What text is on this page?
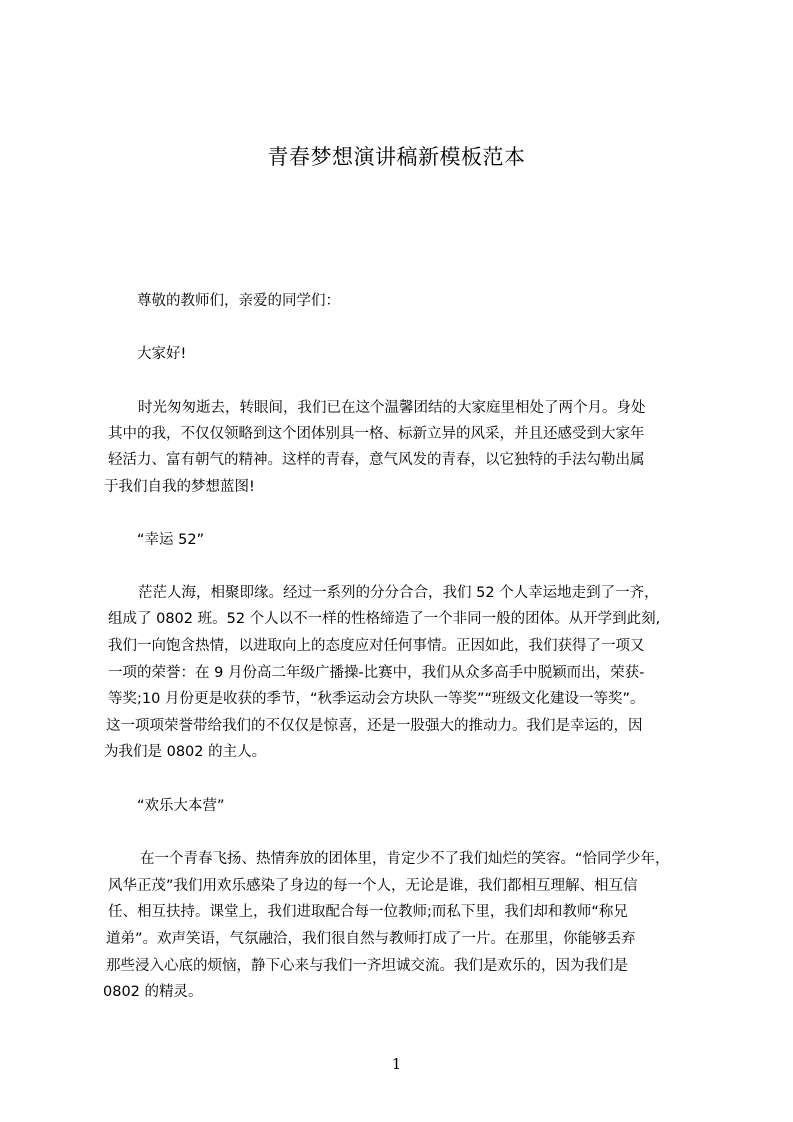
青春梦想演讲稿新模板范本
尊敬的教师们，亲爱的同学们：
大家好!
时光匆匆逝去，转眼间，我们已在这个温馨团结的大家庭里相处了两个月。身处
其中的我，不仅仅领略到这个团体别具一格、标新立异的风采，并且还感受到大家年
轻活力、富有朝气的精神。这样的青春，意气风发的青春，以它独特的手法勾勒出属
于我们自我的梦想蓝图!
“幸运 52”
茫茫人海，相聚即缘。经过一系列的分分合合，我们 52 个人幸运地走到了一齐，
组成了 0802 班。52 个人以不一样的性格缔造了一个非同一般的团体。从开学到此刻,
我们一向饱含热情，以进取向上的态度应对任何事情。正因如此，我们获得了一项又
一项的荣誉：在 9 月份高二年级广播操-比赛中，我们从众多高手中脱颖而出，荣获-
等奖;10 月份更是收获的季节，“秋季运动会方块队一等奖”“班级文化建设一等奖”。
这一项项荣誉带给我们的不仅仅是惊喜，还是一股强大的推动力。我们是幸运的，因
为我们是 0802 的主人。
“欢乐大本营”
在一个青春飞扬、热情奔放的团体里，肯定少不了我们灿烂的笑容。“恰同学少年，
风华正茂”我们用欢乐感染了身边的每一个人，无论是谁，我们都相互理解、相互信
任、相互扶持。课堂上，我们进取配合每一位教师;而私下里，我们却和教师“称兄
道弟”。欢声笑语，气氛融洽，我们很自然与教师打成了一片。在那里，你能够丢弃
那些浸入心底的烦恼，静下心来与我们一齐坦诚交流。我们是欢乐的，因为我们是
0802 的精灵。
1
